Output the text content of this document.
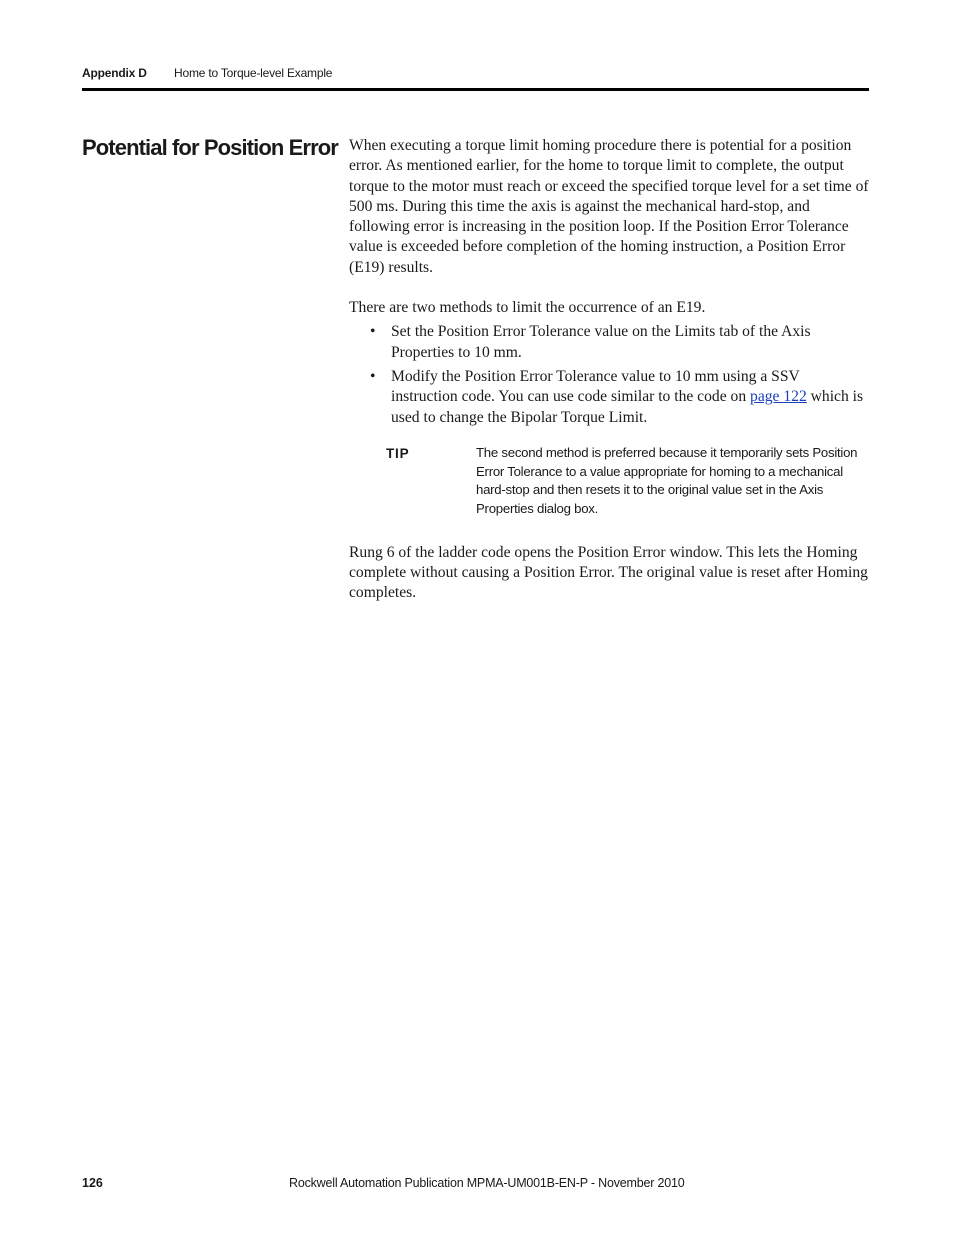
Appendix D Home to Torque-level Example
Potential for Position Error When executing a torque limit homing procedure there is potential for a position error. As mentioned earlier, for the home to torque limit to complete, the output torque to the motor must reach or exceed the specified torque level for a set time of 500 ms. During this time the axis is against the mechanical hard-stop, and following error is increasing in the position loop. If the Position Error Tolerance value is exceeded before completion of the homing instruction, a Position Error (E19) results.

There are two methods to limit the occurrence of an E19.

• Set the Position Error Tolerance value on the Limits tab of the Axis Properties to 10 mm.
• Modify the Position Error Tolerance value to 10 mm using a SSV instruction code. You can use code similar to the code on page 122 which is used to change the Bipolar Torque Limit.
TIP	The second method is preferred because it temporarily sets Position Error Tolerance to a value appropriate for homing to a mechanical hard-stop and then resets it to the original value set in the Axis Properties dialog box.

Rung 6 of the ladder code opens the Position Error window. This lets the Homing complete without causing a Position Error. The original value is reset after Homing completes.

126	Rockwell Automation Publication MPMA-UM001B-EN-P - November 2010
